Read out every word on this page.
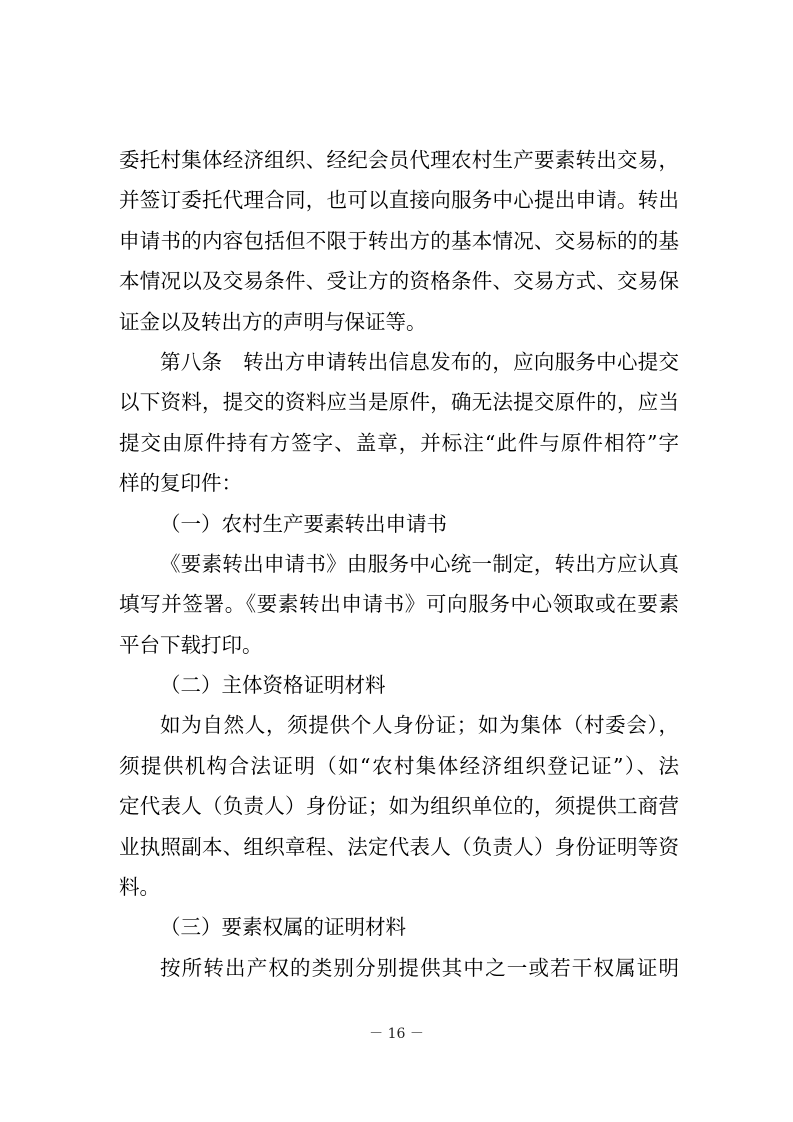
委托村集体经济组织、经纪会员代理农村生产要素转出交易，
并签订委托代理合同，也可以直接向服务中心提出申请。转出
申请书的内容包括但不限于转出方的基本情况、交易标的的基
本情况以及交易条件、受让方的资格条件、交易方式、交易保
证金以及转出方的声明与保证等。
第八条　转出方申请转出信息发布的，应向服务中心提交
以下资料，提交的资料应当是原件，确无法提交原件的，应当
提交由原件持有方签字、盖章，并标注“此件与原件相符”字
样的复印件：
（一）农村生产要素转出申请书
《要素转出申请书》由服务中心统一制定，转出方应认真
填写并签署。《要素转出申请书》可向服务中心领取或在要素
平台下载打印。
（二）主体资格证明材料
如为自然人，须提供个人身份证；如为集体（村委会），
须提供机构合法证明（如“农村集体经济组织登记证”）、法
定代表人（负责人）身份证；如为组织单位的，须提供工商营
业执照副本、组织章程、法定代表人（负责人）身份证明等资
料。
（三）要素权属的证明材料
按所转出产权的类别分别提供其中之一或若干权属证明
－ 16 －
